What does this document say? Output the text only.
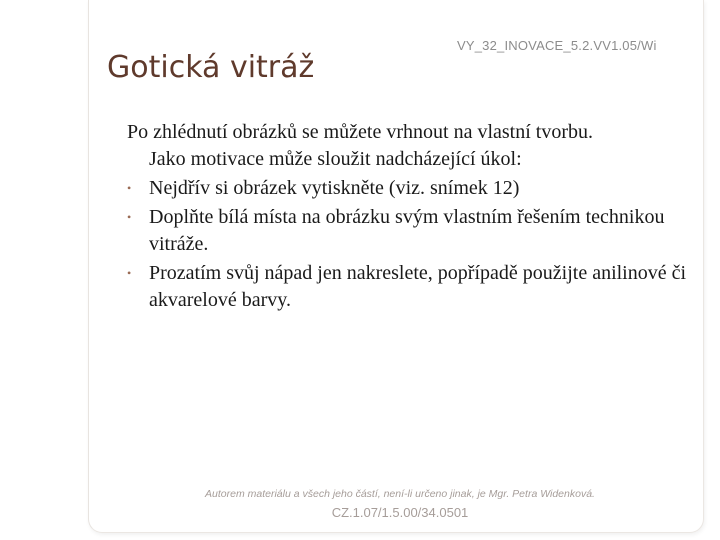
VY_32_INOVACE_5.2.VV1.05/Wi
Gotická vitráž
Po zhlédnutí obrázků se můžete vrhnout na vlastní tvorbu.
Jako motivace může sloužit nadcházející úkol:
• Nejdřív si obrázek vytiskněte (viz. snímek 12)
• Doplňte bílá místa na obrázku svým vlastním řešením technikou vitráže.
• Prozatím svůj nápad jen nakreslete, popřípadě použijte anilinové či akvarelové barvy.
Autorem materiálu a všech jeho částí, není-li určeno jinak, je Mgr. Petra Widenková.
CZ.1.07/1.5.00/34.0501
